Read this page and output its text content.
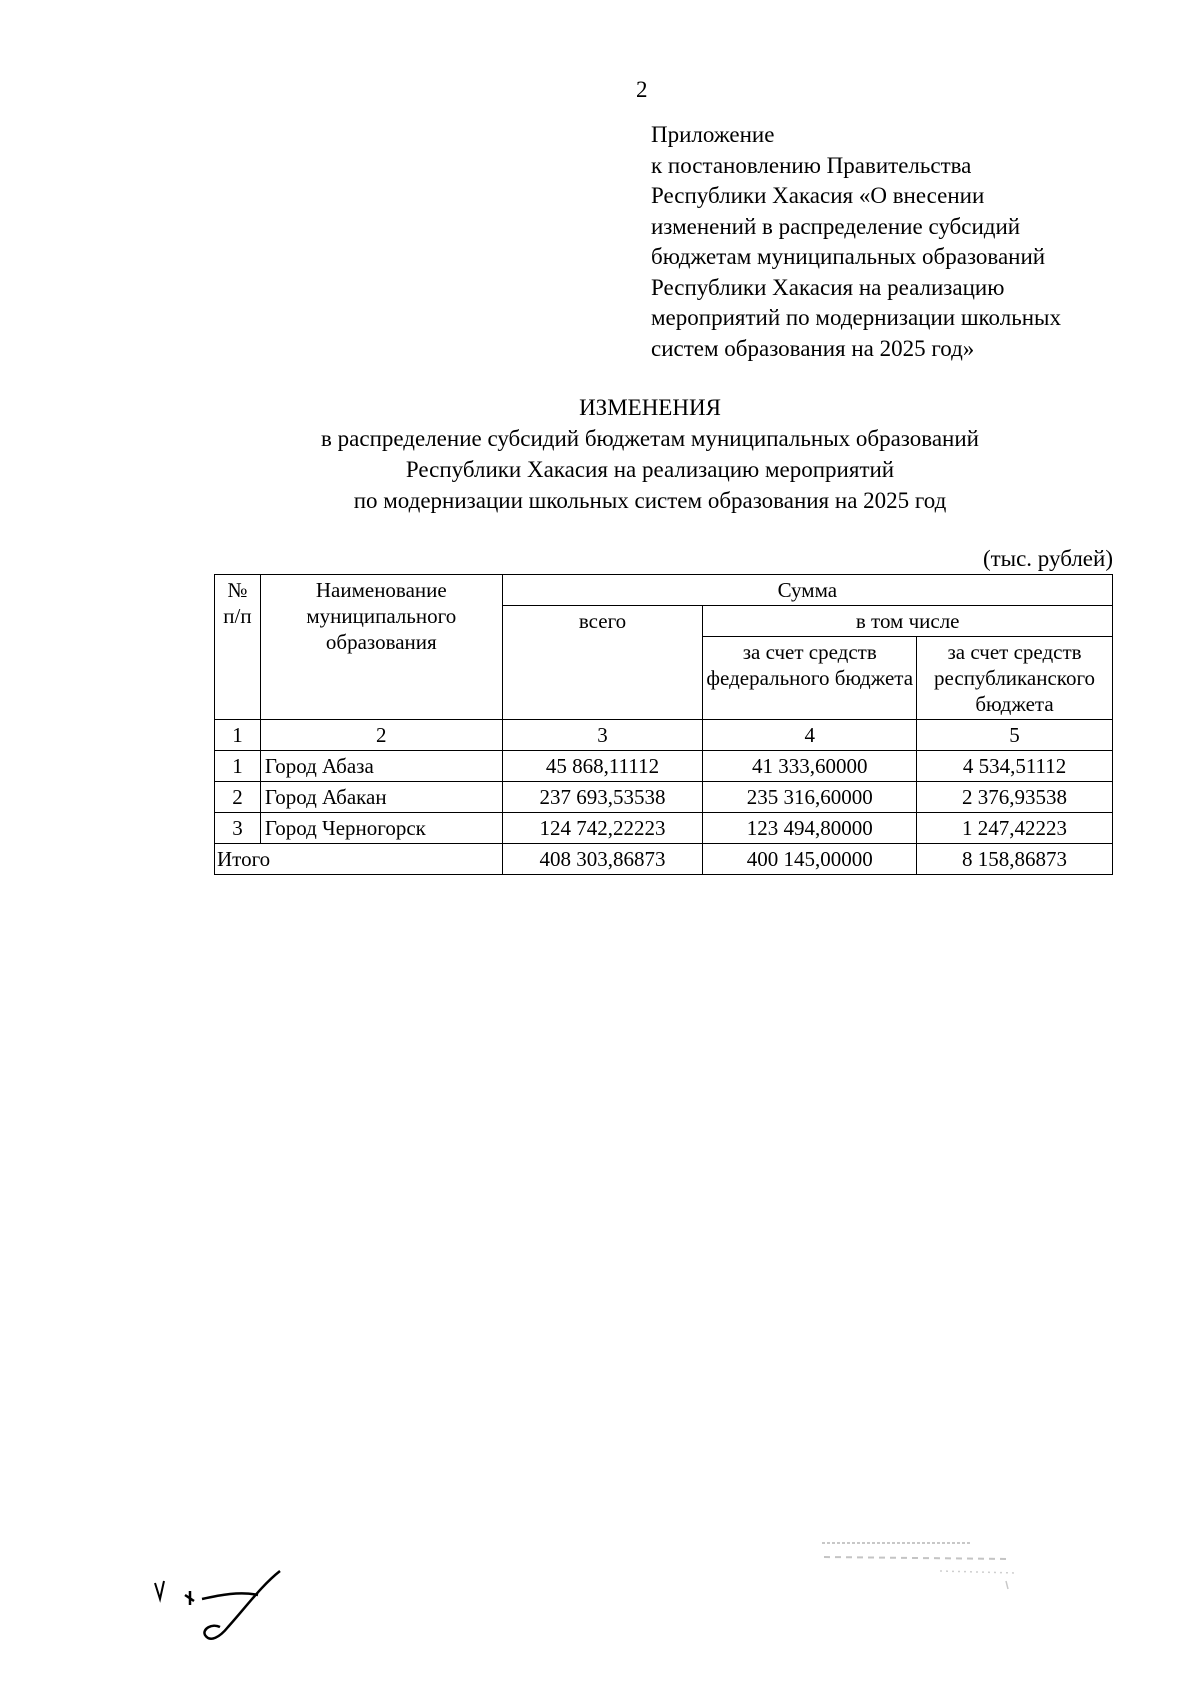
2
Приложение
к постановлению Правительства
Республики Хакасия «О внесении
изменений в распределение субсидий
бюджетам муниципальных образований
Республики Хакасия на реализацию
мероприятий по модернизации школьных
систем образования на 2025 год»
ИЗМЕНЕНИЯ
в распределение субсидий бюджетам муниципальных образований
Республики Хакасия на реализацию мероприятий
по модернизации школьных систем образования на 2025 год
(тыс. рублей)
№ п/п	Наименование муниципального образования	Сумма		
		всего	в том числе	
			за счет средств федерального бюджета	за счет средств республиканского бюджета
1	2	3	4	5
1	Город Абаза	45 868,11112	41 333,60000	4 534,51112
2	Город Абакан	237 693,53538	235 316,60000	2 376,93538
3	Город Черногорск	124 742,22223	123 494,80000	1 247,42223
Итого		408 303,86873	400 145,00000	8 158,86873
